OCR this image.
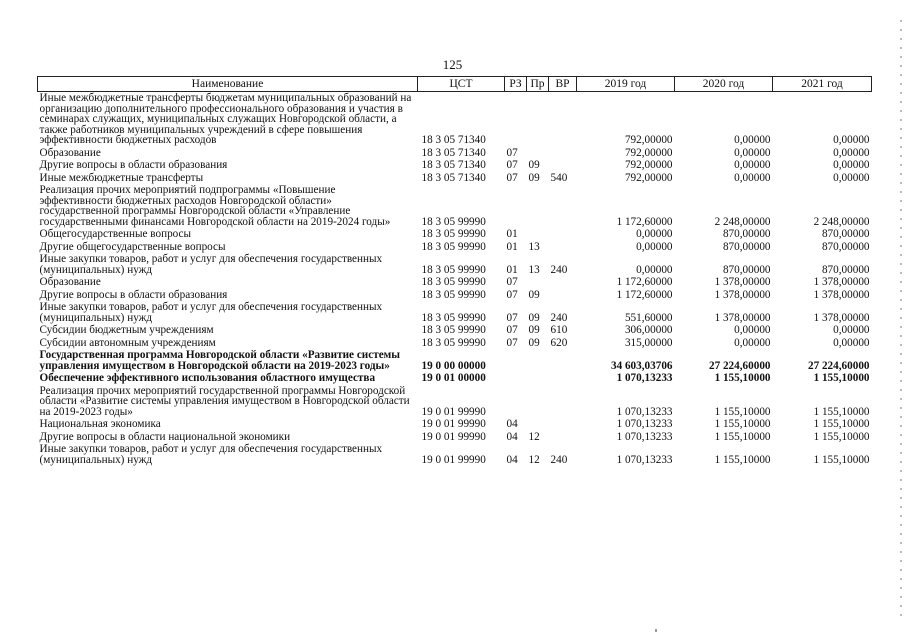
125
Наименование	ЦСТ	РЗ	Пр	ВР	2019 год	2020 год	2021 год
Иные межбюджетные трансферты бюджетам муниципальных образований на организацию дополнительного профессионального образования и участия в семинарах служащих, муниципальных служащих Новгородской области, а также работников муниципальных учреждений в сфере повышения эффективности бюджетных расходов	18 3 05 71340				792,00000	0,00000	0,00000
Образование	18 3 05 71340	07			792,00000	0,00000	0,00000
Другие вопросы в области образования	18 3 05 71340	07	09		792,00000	0,00000	0,00000
Иные межбюджетные трансферты	18 3 05 71340	07	09	540	792,00000	0,00000	0,00000
Реализация прочих мероприятий подпрограммы «Повышение эффективности бюджетных расходов Новгородской области» государственной программы Новгородской области «Управление государственными финансами Новгородской области на 2019-2024 годы»	18 3 05 99990				1 172,60000	2 248,00000	2 248,00000
Общегосударственные вопросы	18 3 05 99990	01			0,00000	870,00000	870,00000
Другие общегосударственные вопросы	18 3 05 99990	01	13		0,00000	870,00000	870,00000
Иные закупки товаров, работ и услуг для обеспечения государственных (муниципальных) нужд	18 3 05 99990	01	13	240	0,00000	870,00000	870,00000
Образование	18 3 05 99990	07			1 172,60000	1 378,00000	1 378,00000
Другие вопросы в области образования	18 3 05 99990	07	09		1 172,60000	1 378,00000	1 378,00000
Иные закупки товаров, работ и услуг для обеспечения государственных (муниципальных) нужд	18 3 05 99990	07	09	240	551,60000	1 378,00000	1 378,00000
Субсидии бюджетным учреждениям	18 3 05 99990	07	09	610	306,00000	0,00000	0,00000
Субсидии автономным учреждениям	18 3 05 99990	07	09	620	315,00000	0,00000	0,00000
Государственная программа Новгородской области «Развитие системы управления имуществом в Новгородской области на 2019-2023 годы»	19 0 00 00000				34 603,03706	27 224,60000	27 224,60000
Обеспечение эффективного использования областного имущества	19 0 01 00000				1 070,13233	1 155,10000	1 155,10000
Реализация прочих мероприятий государственной программы Новгородской области «Развитие системы управления имуществом в Новгородской области на 2019-2023 годы»	19 0 01 99990				1 070,13233	1 155,10000	1 155,10000
Национальная экономика	19 0 01 99990	04			1 070,13233	1 155,10000	1 155,10000
Другие вопросы в области национальной экономики	19 0 01 99990	04	12		1 070,13233	1 155,10000	1 155,10000
Иные закупки товаров, работ и услуг для обеспечения государственных (муниципальных) нужд	19 0 01 99990	04	12	240	1 070,13233	1 155,10000	1 155,10000
